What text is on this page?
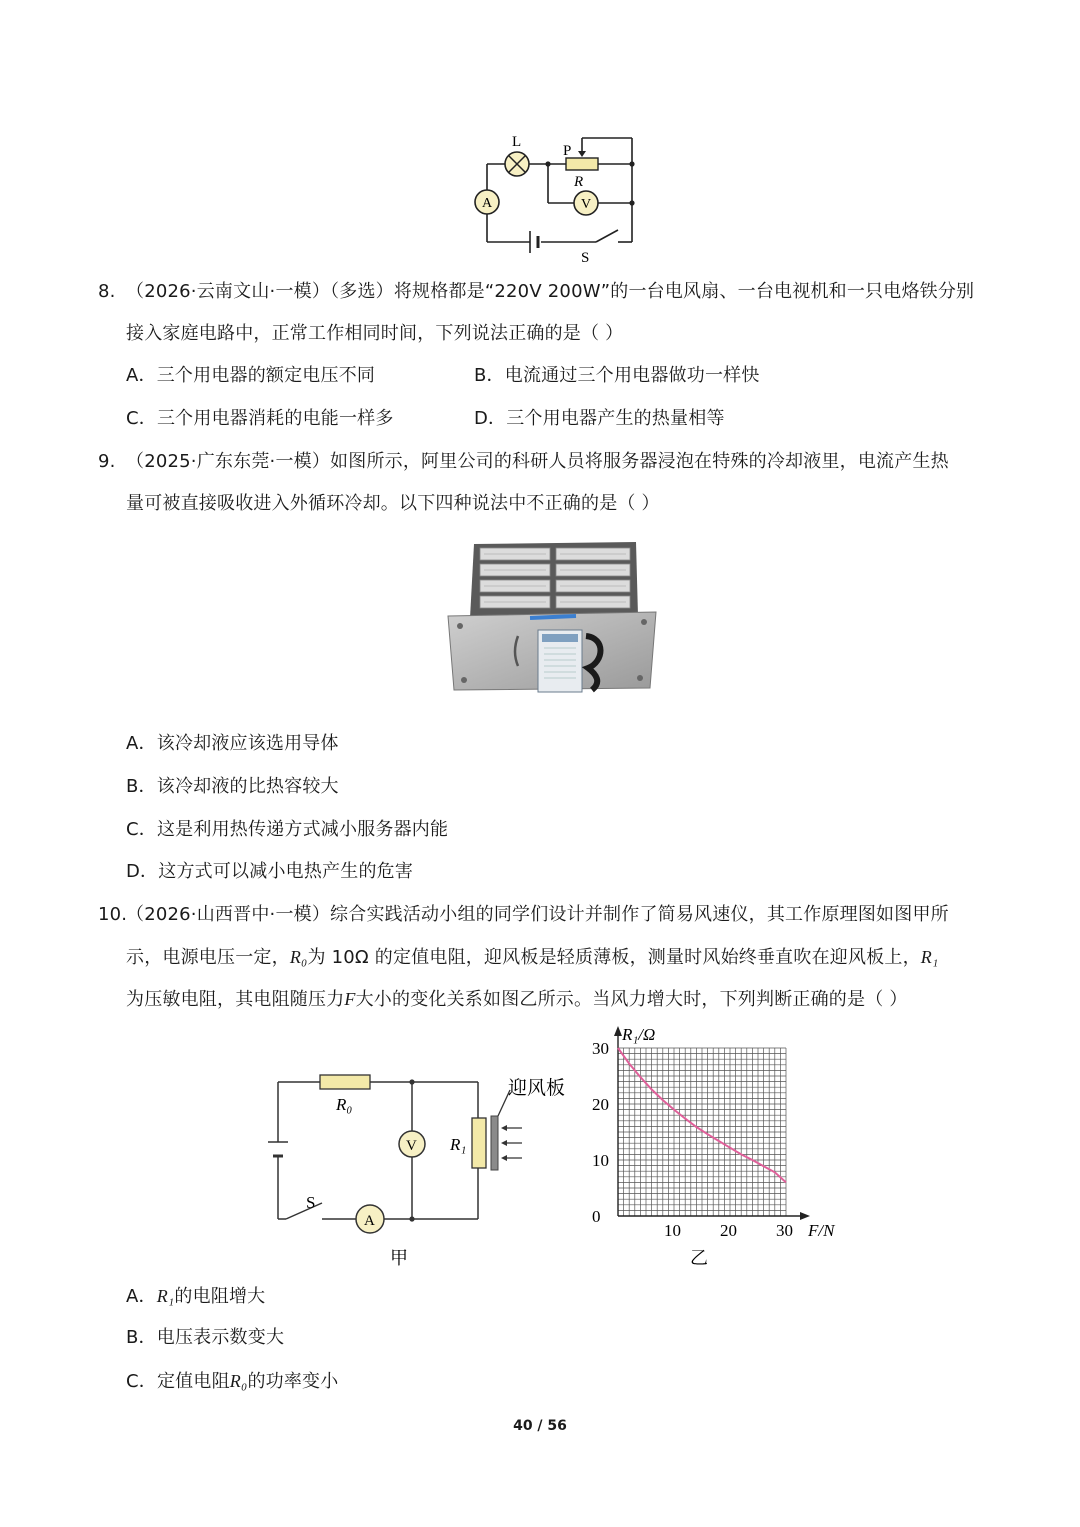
L
P
R
A	V
S
8. （2026·云南文山·一模）（多选）将规格都是“220V 200W”的一台电风扇、一台电视机和一只电烙铁分别
接入家庭电路中，正常工作相同时间，下列说法正确的是（ ）
A．三个用电器的额定电压不同	B．电流通过三个用电器做功一样快
C．三个用电器消耗的电能一样多	D．三个用电器产生的热量相等
9. （2025·广东东莞·一模）如图所示，阿里公司的科研人员将服务器浸泡在特殊的冷却液里，电流产生热
量可被直接吸收进入外循环冷却。以下四种说法中不正确的是（ ）
A．该冷却液应该选用导体
B．该冷却液的比热容较大
C．这是利用热传递方式减小服务器内能
D．这方式可以减小电热产生的危害
10.
（2026·山西晋中·一模）综合实践活动小组的同学们设计并制作了简易风速仪，其工作原理图如图甲所
示，电源电压一定，R₀为 10Ω 的定值电阻，迎风板是轻质薄板，测量时风始终垂直吹在迎风板上，R₁
为压敏电阻，其电阻随压力F大小的变化关系如图乙所示。当风力增大时，下列判断正确的是（ ）
R₀
V
A
R₁
S
迎风板
甲
10 20 30
0
10
20
30
R₁/Ω
F/N
乙
A．R₁的电阻增大
B．电压表示数变大
C．定值电阻R₀的功率变小
40 / 56
